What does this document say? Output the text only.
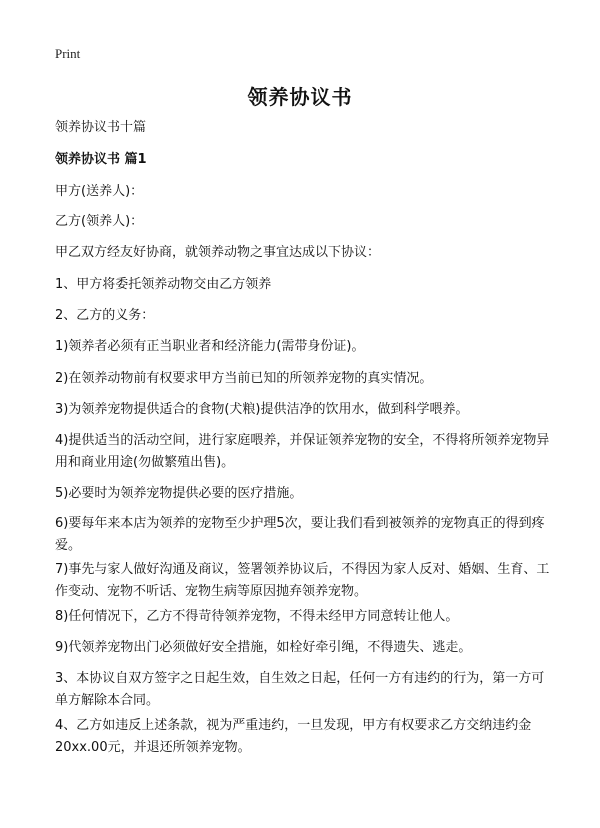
Print
领养协议书

领养协议书十篇

领养协议书 篇1

甲方(送养人)：

乙方(领养人)：

甲乙双方经友好协商，就领养动物之事宜达成以下协议：

1、甲方将委托领养动物交由乙方领养

2、乙方的义务：

1)领养者必须有正当职业者和经济能力(需带身份证)。

2)在领养动物前有权要求甲方当前已知的所领养宠物的真实情况。

3)为领养宠物提供适合的食物(犬粮)提供洁净的饮用水，做到科学喂养。

4)提供适当的活动空间，进行家庭喂养，并保证领养宠物的安全，不得将所领养宠物异用和商业用途(勿做繁殖出售)。

5)必要时为领养宠物提供必要的医疗措施。

6)要每年来本店为领养的宠物至少护理5次，要让我们看到被领养的宠物真正的得到疼爱。

7)事先与家人做好沟通及商议，签署领养协议后，不得因为家人反对、婚姻、生育、工作变动、宠物不听话、宠物生病等原因抛弃领养宠物。

8)任何情况下，乙方不得苛待领养宠物，不得未经甲方同意转让他人。

9)代领养宠物出门必须做好安全措施，如栓好牵引绳，不得遗失、逃走。

3、本协议自双方签字之日起生效，自生效之日起，任何一方有违约的行为，第一方可单方解除本合同。

4、乙方如违反上述条款，视为严重违约，一旦发现，甲方有权要求乙方交纳违约金20xx.00元，并退还所领养宠物。
